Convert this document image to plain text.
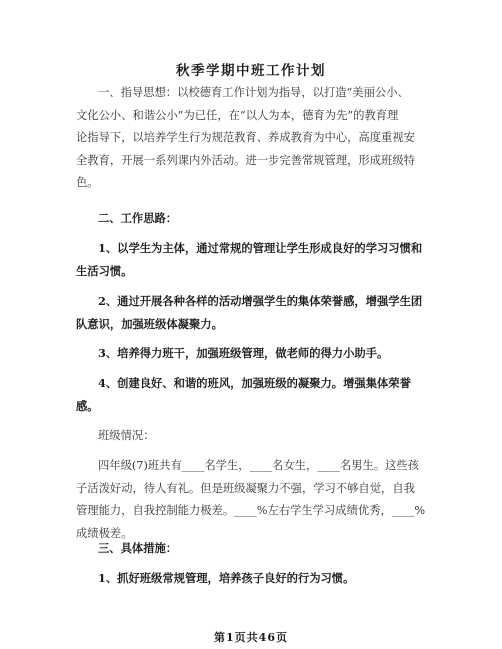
秋季学期中班工作计划
一、指导思想：以校德育工作计划为指导，以打造“美丽公小、
文化公小、和谐公小”为已任，在“以人为本，德育为先”的教育理
论指导下，以培养学生行为规范教育、养成教育为中心，高度重视安
全教育，开展一系列课内外活动。进一步完善常规管理，形成班级特
色。
二、工作思路：
1、以学生为主体，通过常规的管理让学生形成良好的学习习惯和
生活习惯。
2、通过开展各种各样的活动增强学生的集体荣誉感，增强学生团
队意识，加强班级体凝聚力。
3、培养得力班干，加强班级管理，做老师的得力小助手。
4、创建良好、和谐的班风，加强班级的凝聚力。增强集体荣誉
感。
班级情况：
四年级(7)班共有____名学生，____名女生，____名男生。这些孩
子活泼好动，待人有礼。但是班级凝聚力不强，学习不够自觉，自我
管理能力，自我控制能力极差。____%左右学生学习成绩优秀，____%
成绩极差。
三、具体措施：
1、抓好班级常规管理，培养孩子良好的行为习惯。
第1页共46页
